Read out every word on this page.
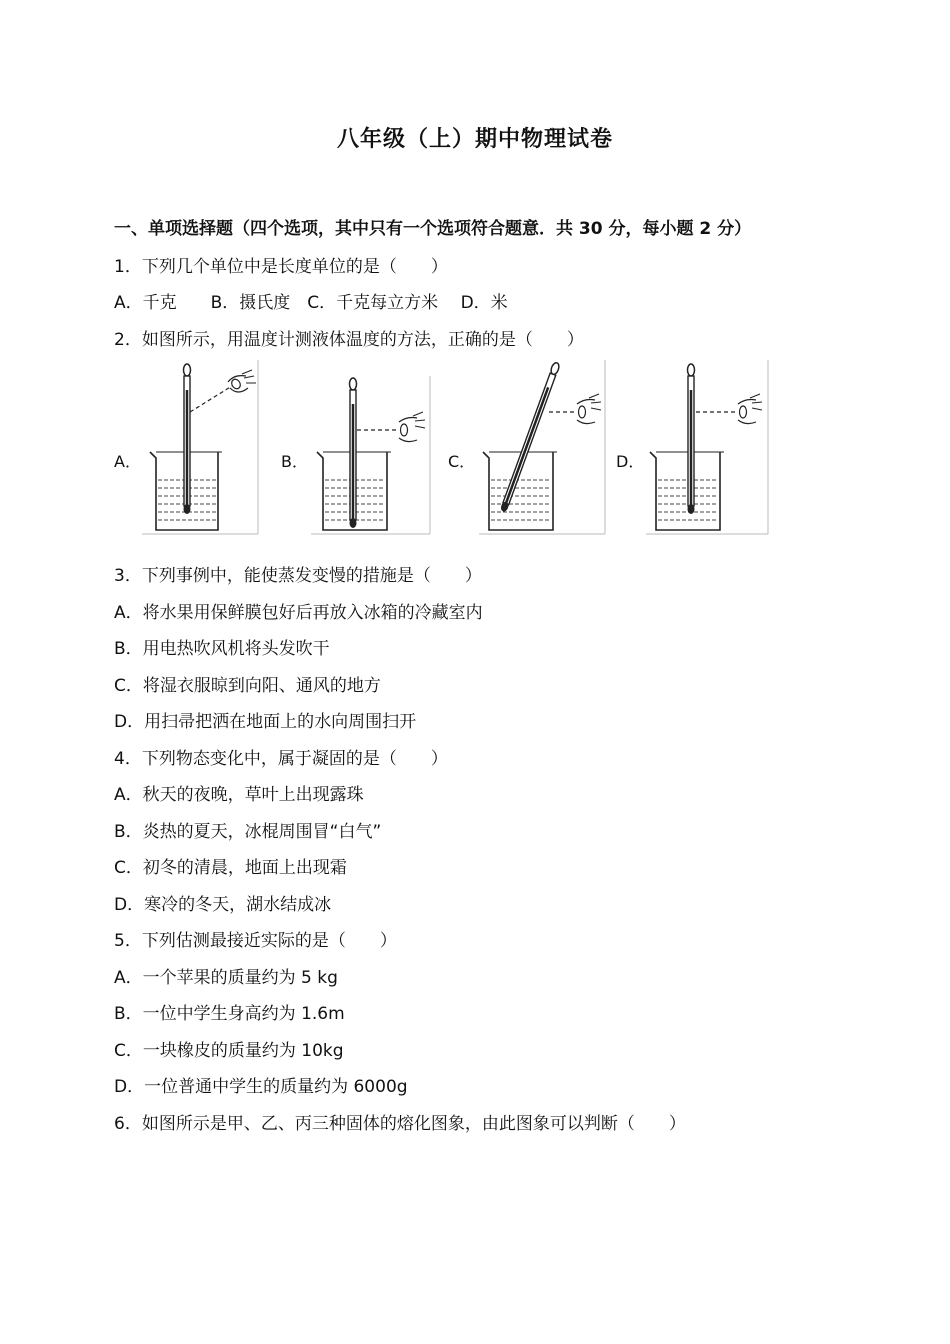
八年级（上）期中物理试卷
一、单项选择题（四个选项，其中只有一个选项符合题意．共 30 分，每小题 2 分）
1．下列几个单位中是长度单位的是（　　）
A．千克　　B．摄氏度　C．千克每立方米　 D．米
2．如图所示，用温度计测液体温度的方法，正确的是（　　）
A．	B．	C．	D．
3．下列事例中，能使蒸发变慢的措施是（　　）
A．将水果用保鲜膜包好后再放入冰箱的冷藏室内
B．用电热吹风机将头发吹干
C．将湿衣服晾到向阳、通风的地方
D．用扫帚把洒在地面上的水向周围扫开
4．下列物态变化中，属于凝固的是（　　）
A．秋天的夜晚，草叶上出现露珠
B．炎热的夏天，冰棍周围冒“白气”
C．初冬的清晨，地面上出现霜
D．寒冷的冬天，湖水结成冰
5．下列估测最接近实际的是（　　）
A．一个苹果的质量约为 5 kg
B．一位中学生身高约为 1.6m
C．一块橡皮的质量约为 10kg
D．一位普通中学生的质量约为 6000g
6．如图所示是甲、乙、丙三种固体的熔化图象，由此图象可以判断（　　）
